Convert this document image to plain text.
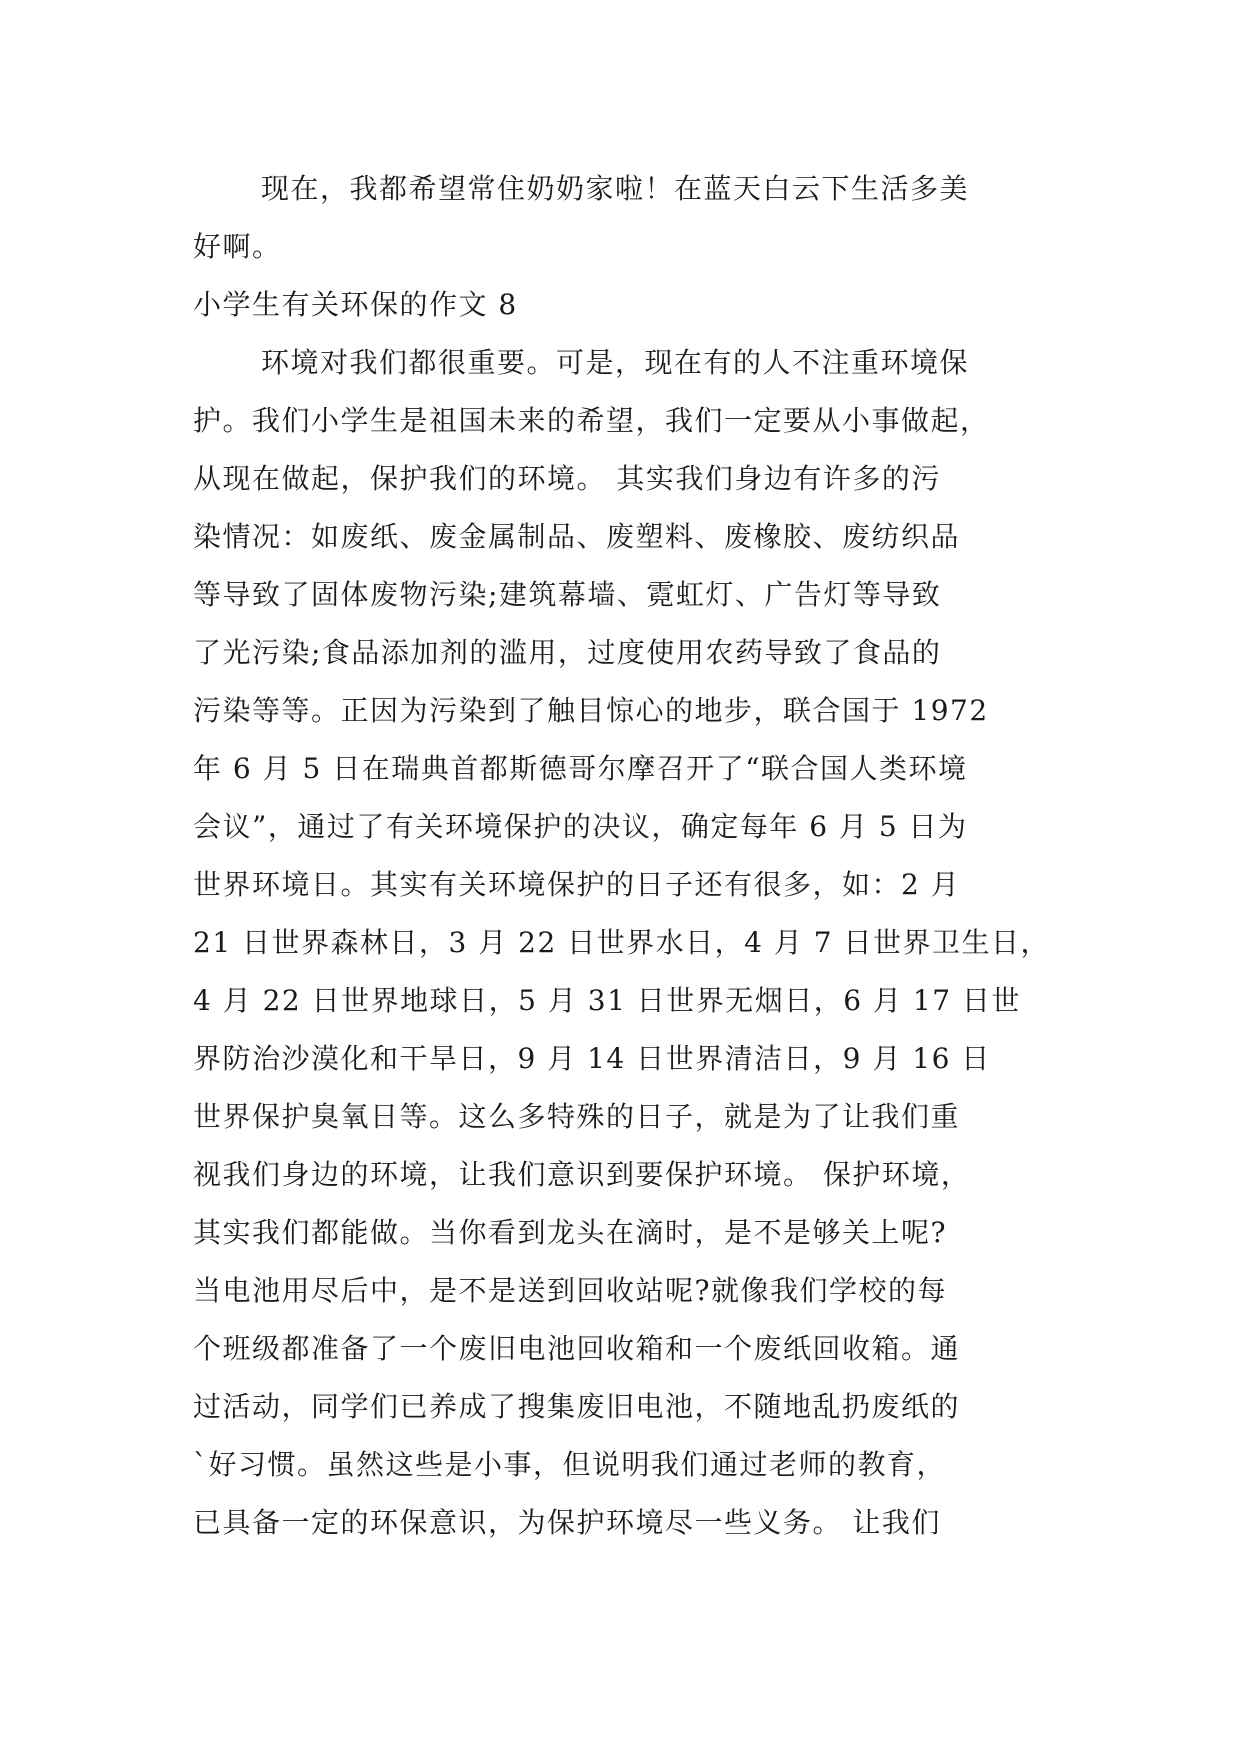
现在，我都希望常住奶奶家啦！在蓝天白云下生活多美
好啊。
小学生有关环保的作文 8
环境对我们都很重要。可是，现在有的人不注重环境保
护。我们小学生是祖国未来的希望，我们一定要从小事做起，
从现在做起，保护我们的环境。 其实我们身边有许多的污
染情况：如废纸、废金属制品、废塑料、废橡胶、废纺织品
等导致了固体废物污染;建筑幕墙、霓虹灯、广告灯等导致
了光污染;食品添加剂的滥用，过度使用农药导致了食品的
污染等等。正因为污染到了触目惊心的地步，联合国于 1972
年 6 月 5 日在瑞典首都斯德哥尔摩召开了“联合国人类环境
会议”，通过了有关环境保护的决议，确定每年 6 月 5 日为
世界环境日。其实有关环境保护的日子还有很多，如：2 月
21 日世界森林日，3 月 22 日世界水日，4 月 7 日世界卫生日，
4 月 22 日世界地球日，5 月 31 日世界无烟日，6 月 17 日世
界防治沙漠化和干旱日，9 月 14 日世界清洁日，9 月 16 日
世界保护臭氧日等。这么多特殊的日子，就是为了让我们重
视我们身边的环境，让我们意识到要保护环境。 保护环境，
其实我们都能做。当你看到龙头在滴时，是不是够关上呢?
当电池用尽后中，是不是送到回收站呢?就像我们学校的每
个班级都准备了一个废旧电池回收箱和一个废纸回收箱。通
过活动，同学们已养成了搜集废旧电池，不随地乱扔废纸的
`好习惯。虽然这些是小事，但说明我们通过老师的教育，
已具备一定的环保意识，为保护环境尽一些义务。 让我们
